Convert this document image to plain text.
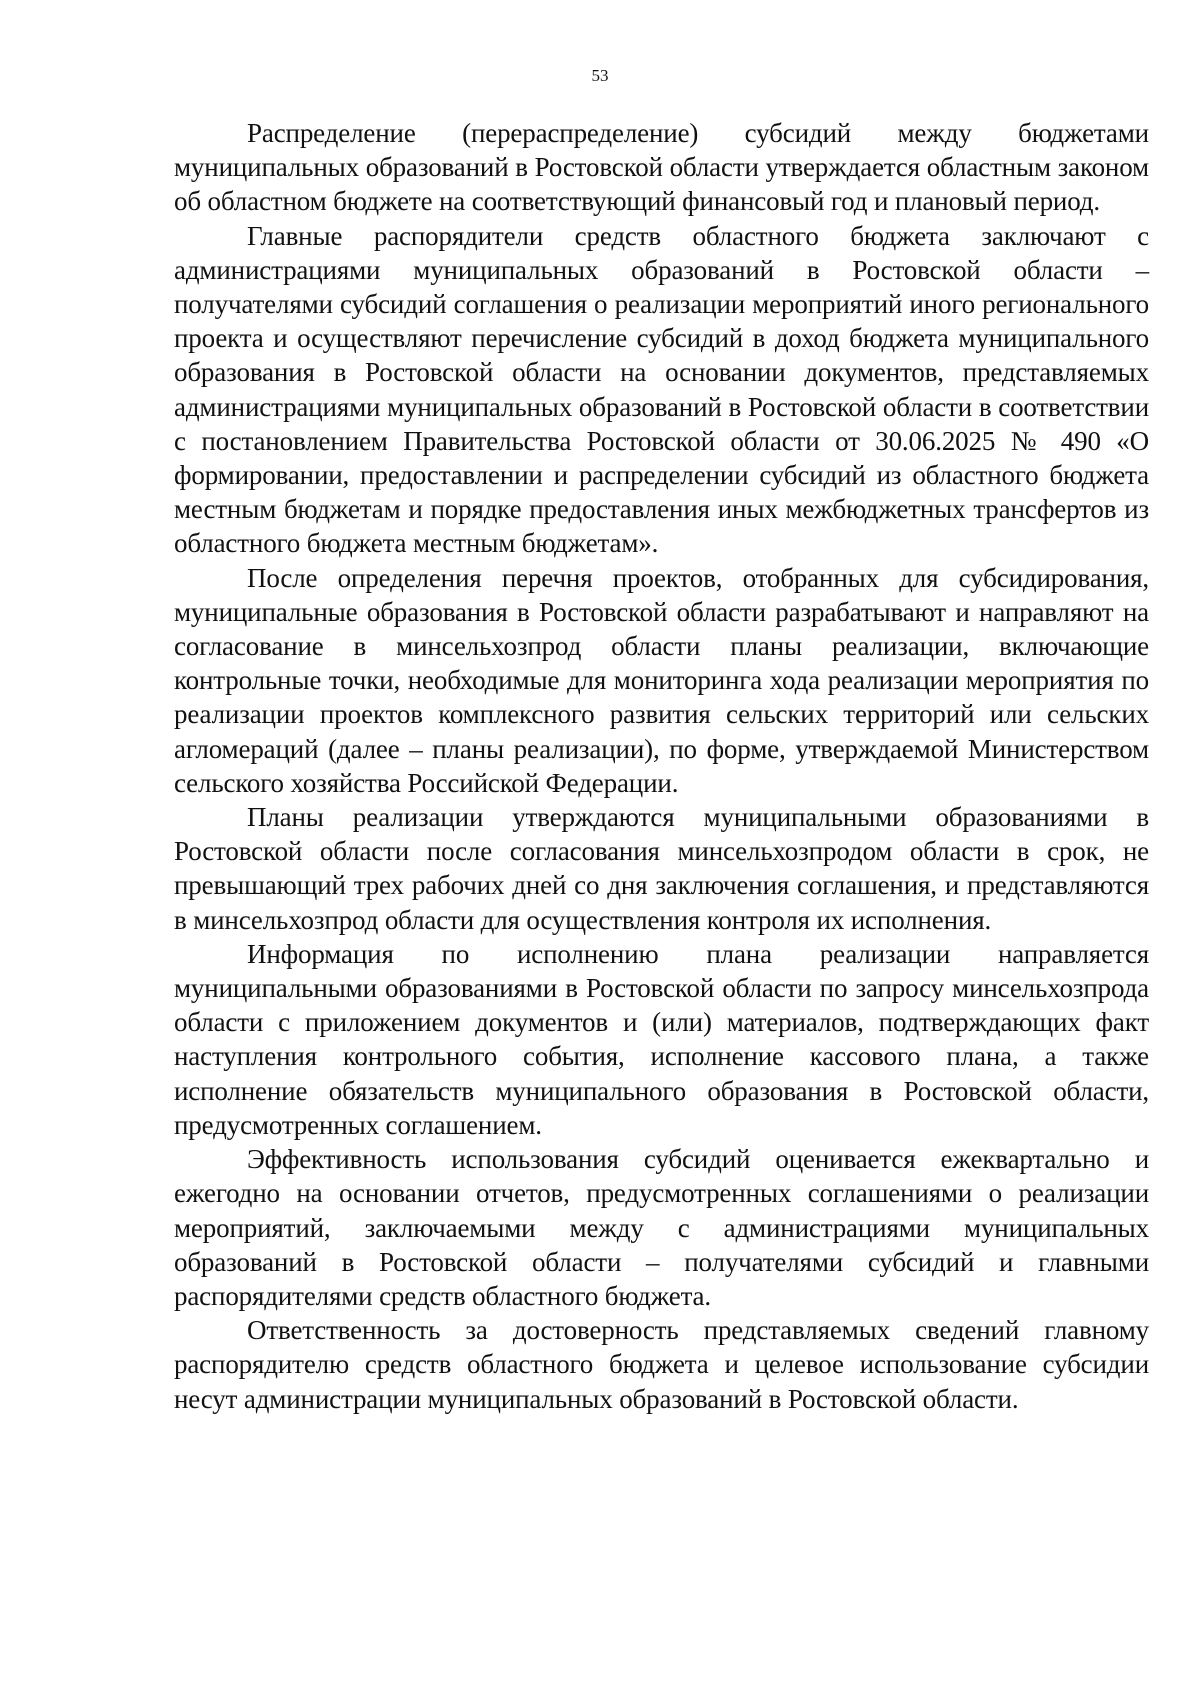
53

Распределение (перераспределение) субсидий между бюджетами муниципальных образований в Ростовской области утверждается областным законом об областном бюджете на соответствующий финансовый год и плановый период.

Главные распорядители средств областного бюджета заключают с администрациями муниципальных образований в Ростовской области – получателями субсидий соглашения о реализации мероприятий иного регионального проекта и осуществляют перечисление субсидий в доход бюджета муниципального образования в Ростовской области на основании документов, представляемых администрациями муниципальных образований в Ростовской области в соответствии с постановлением Правительства Ростовской области от 30.06.2025 № 490 «О формировании, предоставлении и распределении субсидий из областного бюджета местным бюджетам и порядке предоставления иных межбюджетных трансфертов из областного бюджета местным бюджетам».

После определения перечня проектов, отобранных для субсидирования, муниципальные образования в Ростовской области разрабатывают и направляют на согласование в минсельхозпрод области планы реализации, включающие контрольные точки, необходимые для мониторинга хода реализации мероприятия по реализации проектов комплексного развития сельских территорий или сельских агломераций (далее – планы реализации), по форме, утверждаемой Министерством сельского хозяйства Российской Федерации.

Планы реализации утверждаются муниципальными образованиями в Ростовской области после согласования минсельхозпродом области в срок, не превышающий трех рабочих дней со дня заключения соглашения, и представляются в минсельхозпрод области для осуществления контроля их исполнения.

Информация по исполнению плана реализации направляется муниципальными образованиями в Ростовской области по запросу минсельхозпрода области с приложением документов и (или) материалов, подтверждающих факт наступления контрольного события, исполнение кассового плана, а также исполнение обязательств муниципального образования в Ростовской области, предусмотренных соглашением.

Эффективность использования субсидий оценивается ежеквартально и ежегодно на основании отчетов, предусмотренных соглашениями о реализации мероприятий, заключаемыми между с администрациями муниципальных образований в Ростовской области – получателями субсидий и главными распорядителями средств областного бюджета.

Ответственность за достоверность представляемых сведений главному распорядителю средств областного бюджета и целевое использование субсидии несут администрации муниципальных образований в Ростовской области.
